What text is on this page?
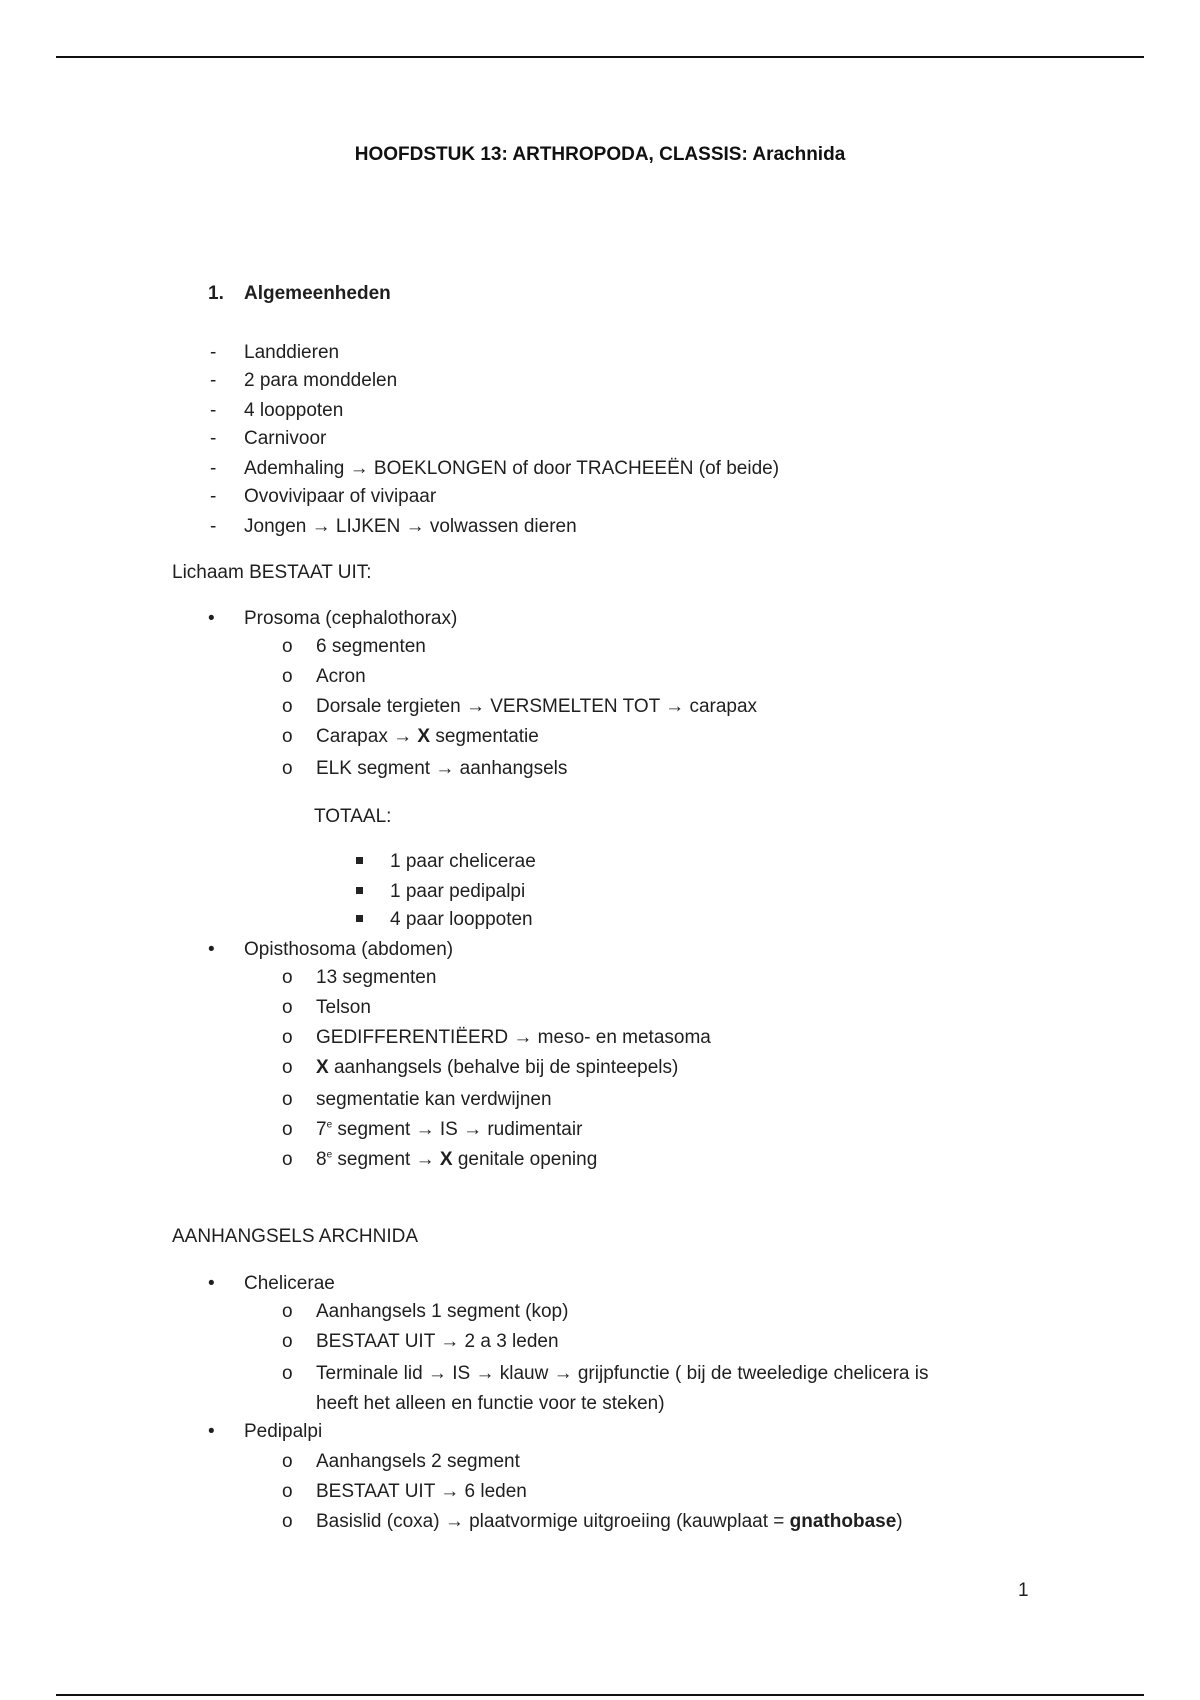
HOOFDSTUK 13: ARTHROPODA, CLASSIS: Arachnida
1. Algemeenheden
- Landdieren
- 2 para monddelen
- 4 looppoten
- Carnivoor
- Ademhaling → BOEKLONGEN of door TRACHEEËN (of beide)
- Ovovivipaar of vivipaar
- Jongen → LIJKEN → volwassen dieren
Lichaam BESTAAT UIT:
• Prosoma (cephalothorax)
o 6 segmenten
o Acron
o Dorsale tergieten → VERSMELTEN TOT → carapax
o Carapax → X segmentatie
o ELK segment → aanhangsels
TOTAAL:
1 paar chelicerae
1 paar pedipalpi
4 paar looppoten
• Opisthosoma (abdomen)
o 13 segmenten
o Telson
o GEDIFFERENTIËERD → meso- en metasoma
o X aanhangsels (behalve bij de spinteepels)
o segmentatie kan verdwijnen
o 7e segment → IS → rudimentair
o 8e segment → X genitale opening
AANHANGSELS ARCHNIDA
• Chelicerae
o Aanhangsels 1 segment (kop)
o BESTAAT UIT → 2 a 3 leden
o Terminale lid → IS → klauw → grijpfunctie ( bij de tweeledige chelicera is
heeft het alleen en functie voor te steken)
• Pedipalpi
o Aanhangsels 2 segment
o BESTAAT UIT → 6 leden
o Basislid (coxa) → plaatvormige uitgroeiing (kauwplaat = gnathobase)
1
